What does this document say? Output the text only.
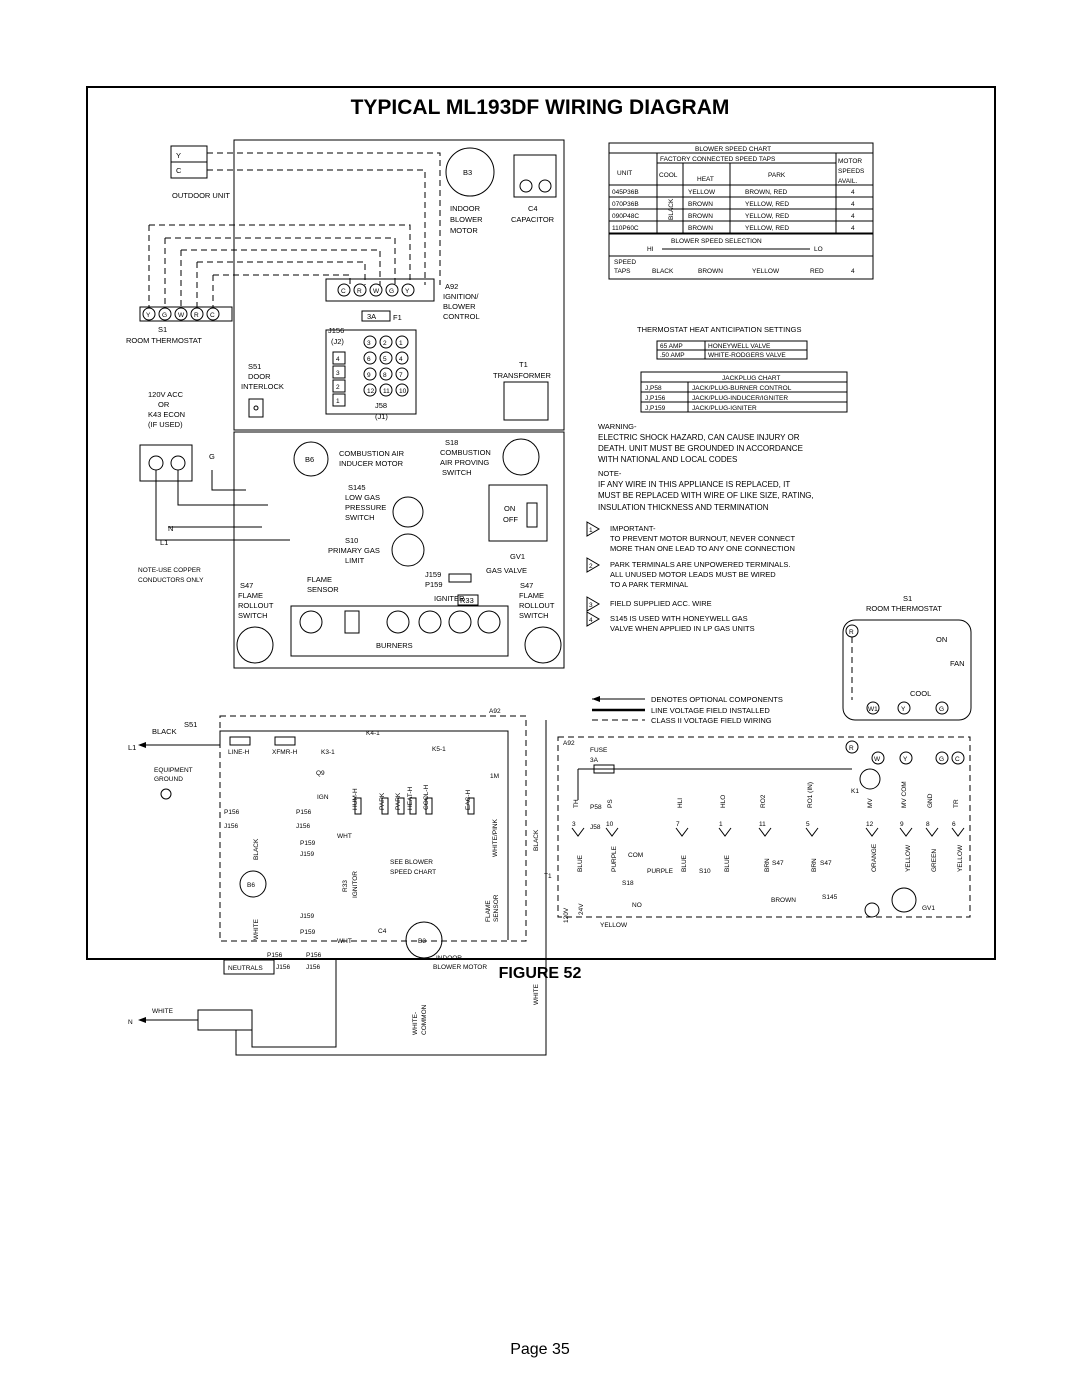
TYPICAL ML193DF WIRING DIAGRAM
Y
C
OUTDOOR UNIT
Y G W R C
S1
ROOM THERMOSTAT
B3
INDOOR
BLOWER
MOTOR
C4
CAPACITOR
C R W G Y
A92
IGNITION/
BLOWER
CONTROL
3A F1
3 2 1
6 5 4
9 8 7
12 11 10
4
3
2
1
J156
(J2)
J58
(J1)
T1
TRANSFORMER
S51
DOOR
INTERLOCK
120V ACC
OR
K43 ECON
(IF USED)
G
N
L1
NOTE-USE COPPER
CONDUCTORS ONLY
B6
COMBUSTION AIR
INDUCER MOTOR
S18
COMBUSTION
AIR PROVING
SWITCH
S145
LOW GAS
PRESSURE
SWITCH
S10
PRIMARY GAS
LIMIT
ON
OFF
GV1
GAS VALVE
FLAME
SENSOR
J159
P159
IGNITER
R33
S47
FLAME
ROLLOUT
SWITCH
S47
FLAME
ROLLOUT
SWITCH
BURNERS
BLOWER SPEED CHART
FACTORY CONNECTED SPEED TAPS
UNIT	COOL
HEAT
PARK
MOTOR
SPEEDS
AVAIL.
BLACK
045P36B	YELLOW	BROWN, RED	4
070P36B	BROWN	YELLOW, RED	4
090P48C	BROWN	YELLOW, RED	4
110P60C	BROWN	YELLOW, RED	4
BLOWER SPEED SELECTION
HI	LO
SPEED
TAPS	BLACK	BROWN	YELLOW	RED	4
THERMOSTAT HEAT ANTICIPATION SETTINGS
65 AMP	HONEYWELL VALVE
.50 AMP	WHITE-RODGERS VALVE
JACKPLUG CHART
J,P58	JACK/PLUG-BURNER CONTROL
J,P156	JACK/PLUG-INDUCER/IGNITER
J,P159	JACK/PLUG-IGNITER
WARNING-
ELECTRIC SHOCK HAZARD, CAN CAUSE INJURY OR
DEATH. UNIT MUST BE GROUNDED IN ACCORDANCE
WITH NATIONAL AND LOCAL CODES
NOTE-
IF ANY WIRE IN THIS APPLIANCE IS REPLACED, IT
MUST BE REPLACED WITH WIRE OF LIKE SIZE, RATING,
INSULATION THICKNESS AND TERMINATION
1 IMPORTANT-
TO PREVENT MOTOR BURNOUT, NEVER CONNECT
MORE THAN ONE LEAD TO ANY ONE CONNECTION
2 PARK TERMINALS ARE UNPOWERED TERMINALS.
ALL UNUSED MOTOR LEADS MUST BE WIRED
TO A PARK TERMINAL
3 FIELD SUPPLIED ACC. WIRE
4 S145 IS USED WITH HONEYWELL GAS
VALVE WHEN APPLIED IN LP GAS UNITS
S1
ROOM THERMOSTAT
R
ON
FAN
COOL
W1	Y	G
DENOTES OPTIONAL COMPONENTS
LINE VOLTAGE FIELD INSTALLED
CLASS II VOLTAGE FIELD WIRING
A92
BLACK
S51
L1
LINE-H	XFMR-H	K3-1
K4-1
K5-1
Q9
IGN
1M
EQUIPMENT
GROUND
HUM-H	PARK PARK HEAT-H COOL-H	EAC-H
P156
J156
P156
J156
WHT
P159
J159
SEE BLOWER
SPEED CHART
R33 IGNITOR
FLAME SENSOR
WHITE/PINK	BLACK
BLACK
WHITE
B6
B3
C4
INDOOR
BLOWER MOTOR
J159
P159
WHT
P156	P156
J156 J156
NEUTRALS
WHITE
N	WHITE- COMMON
WHITE
A92
FUSE
3A
T1
120V 24V
YELLOW
P58
J58
TH
3
BLUE
PS
10
PURPLE
HLI
7
BLUE
HLO
1
BLUE
RO2
11
BRN
RO1 (IN)
5
BRN
MV
12
ORANGE
MV COM
9
YELLOW
GND
8
GREEN
TR
6
YELLOW
COM
PURPLE	S10
S18
NO
S47	S47
BROWN	S145
GV1
K1
R
W	Y	G C
FIGURE 52
Page 35
